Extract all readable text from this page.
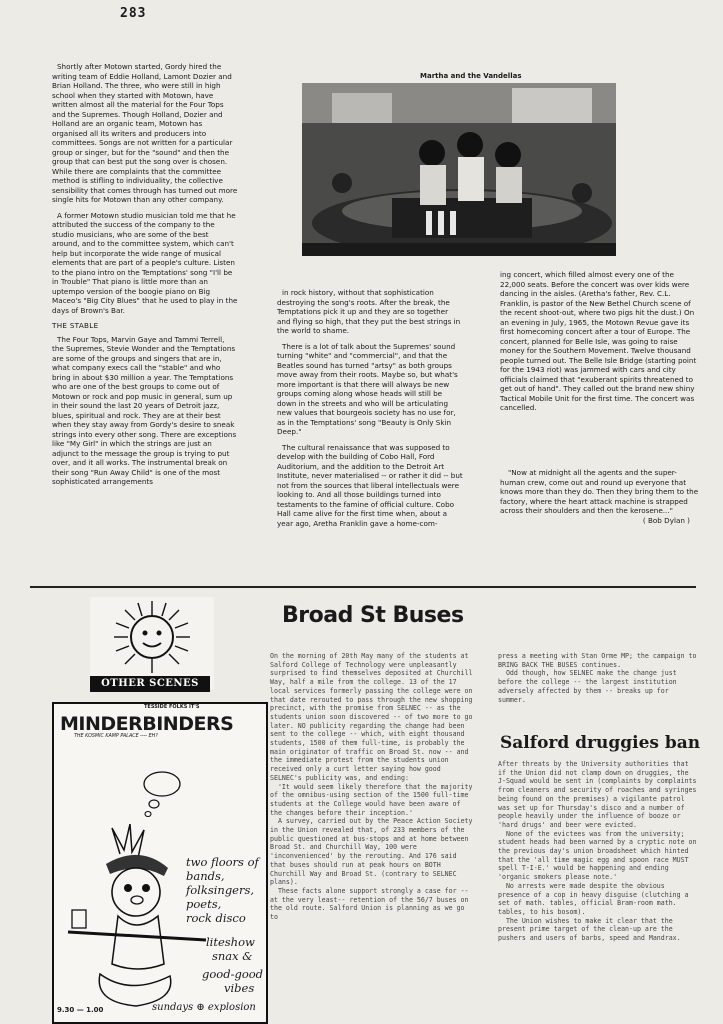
283

Shortly after Motown started, Gordy hired the writing team of Eddie Holland, Lamont Dozier and Brian Holland. The three, who were still in high school when they started with Motown, have written almost all the material for the Four Tops and the Supremes. Though Holland, Dozier and Holland are an organic team, Motown has organised all its writers and producers into committees. Songs are not written for a particular group or singer, but for the "sound" and then the group that can best put the song over is chosen. While there are complaints that the committee method is stifling to individuality, the collective sensibility that comes through has turned out more single hits for Motown than any other company.

A former Motown studio musician told me that he attributed the success of the company to the studio musicians, who are some of the best around, and to the committee system, which can't help but incorporate the wide range of musical elements that are part of a people's culture. Listen to the piano intro on the Temptations' song "I'll be in Trouble" That piano is little more than an uptempo version of the boogie piano on Big Maceo's "Big City Blues" that he used to play in the days of Brown's Bar.

THE STABLE

The Four Tops, Marvin Gaye and Tammi Terrell, the Supremes, Stevie Wonder and the Temptations are some of the groups and singers that are in, what company execs call the "stable" and who bring in about $30 million a year. The Temptations who are one of the best groups to come out of Motown or rock and pop music in general, sum up in their sound the last 20 years of Detroit jazz, blues, spiritual and rock. They are at their best when they stay away from Gordy's desire to sneak strings into every other song. There are exceptions like "My Girl" in which the strings are just an adjunct to the message the group is trying to put over, and it all works. The instrumental break on their song "Run Away Child" is one of the most sophisticated arrangements

Martha and the Vandellas

in rock history, without that sophistication destroying the song's roots. After the break, the Temptations pick it up and they are so together and flying so high, that they put the best strings in the world to shame.

There is a lot of talk about the Supremes' sound turning "white" and "commercial", and that the Beatles sound has turned "artsy" as both groups move away from their roots. Maybe so, but what's more important is that there will always be new groups coming along whose heads will still be down in the streets and who will be articulating new values that bourgeois society has no use for, as in the Temptations' song "Beauty is Only Skin Deep."

The cultural renaissance that was supposed to develop with the building of Cobo Hall, Ford Auditorium, and the addition to the Detroit Art Institute, never materialised -- or rather it did -- but not from the sources that liberal intellectuals were looking to. And all those buildings turned into testaments to the famine of official culture. Cobo Hall came alive for the first time when, about a year ago, Aretha Franklin gave a home-com-

ing concert, which filled almost every one of the 22,000 seats. Before the concert was over kids were dancing in the aisles. (Aretha's father, Rev. C.L. Franklin, is pastor of the New Bethel Church scene of the recent shoot-out, where two pigs hit the dust.) On an evening in July, 1965, the Motown Revue gave its first homecoming concert after a tour of Europe. The concert, planned for Belle Isle, was going to raise money for the Southern Movement. Twelve thousand people turned out. The Belle Isle Bridge (starting point for the 1943 riot) was jammed with cars and city officials claimed that "exuberant spirits threatened to get out of hand". They called out the brand new shiny Tactical Mobile Unit for the first time. The concert was cancelled.

"Now at midnight all the agents and the super-human crew, come out and round up everyone that knows more than they do. Then they bring them to the factory, where the heart attack machine is strapped across their shoulders and then the kerosene..."

( Bob Dylan )
OTHER SCENES
TESSIDE FOLKS IT'S
MINDERBINDERS
THE KOSMIC KAMP PALACE ---- EH?
two floors of
bands,
folksingers,
poets,
rock disco
liteshow
snax &
good-good
vibes
9.30 — 1.00	sundays ⊕ explosion
Broad St Buses
On the morning of 20th May many of the students at Salford College of Technology were unpleasantly surprised to find themselves deposited at Churchill Way, half a mile from the college. 13 of the 17 local services formerly passing the college were on that date rerouted to pass through the new shopping precinct, with the promise from SELNEC -- as the students union soon discovered -- of two more to go later. NO publicity regarding the change had been sent to the college -- which, with eight thousand students, 1500 of them full-time, is probably the main originator of traffic on Broad St. now -- and the immediate protest from the students union received only a curt letter saying how good SELNEC's publicity was, and ending:
'It would seem likely therefore that the majority of the omnibus-using section of the 1500 full-time students at the College would have been aware of the changes before their inception.'
A survey, carried out by the Peace Action Society in the Union revealed that, of 233 members of the public questioned at bus-stops and at home between Broad St. and Churchill Way, 100 were 'inconvenienced' by the rerouting. And 176 said that buses should run at peak hours on BOTH Churchill Way and Broad St. (contrary to SELNEC plans).
These facts alone support strongly a case for -- at the very least-- retention of the 56/7 buses on the old route. Salford Union is planning as we go to
press a meeting with Stan Orme MP; the campaign to BRING BACK THE BUSES continues.
Odd though, how SELNEC make the change just before the college -- the largest institution adversely affected by them -- breaks up for summer.
Salford druggies ban
After threats by the University authorities that if the Union did not clamp down on druggies, the J-Squad would be sent in (complaints by complaints from cleaners and security of roaches and syringes being found on the premises) a vigilante patrol was set up for Thursday's disco and a number of people heavily under the influence of booze or 'hard drugs' and beer were evicted.
None of the evictees was from the university; student heads had been warned by a cryptic note on the previous day's union broadsheet which hinted that the 'all time magic egg and spoon race MUST spell T-I-E.' would be happening and ending 'organic smokers please note.'
No arrests were made despite the obvious presence of a cop in heavy disguise (clutching a set of math. tables, official Bram-room math. tables, to his bosom).
The Union wishes to make it clear that the present prime target of the clean-up are the pushers and users of barbs, speed and Mandrax.
